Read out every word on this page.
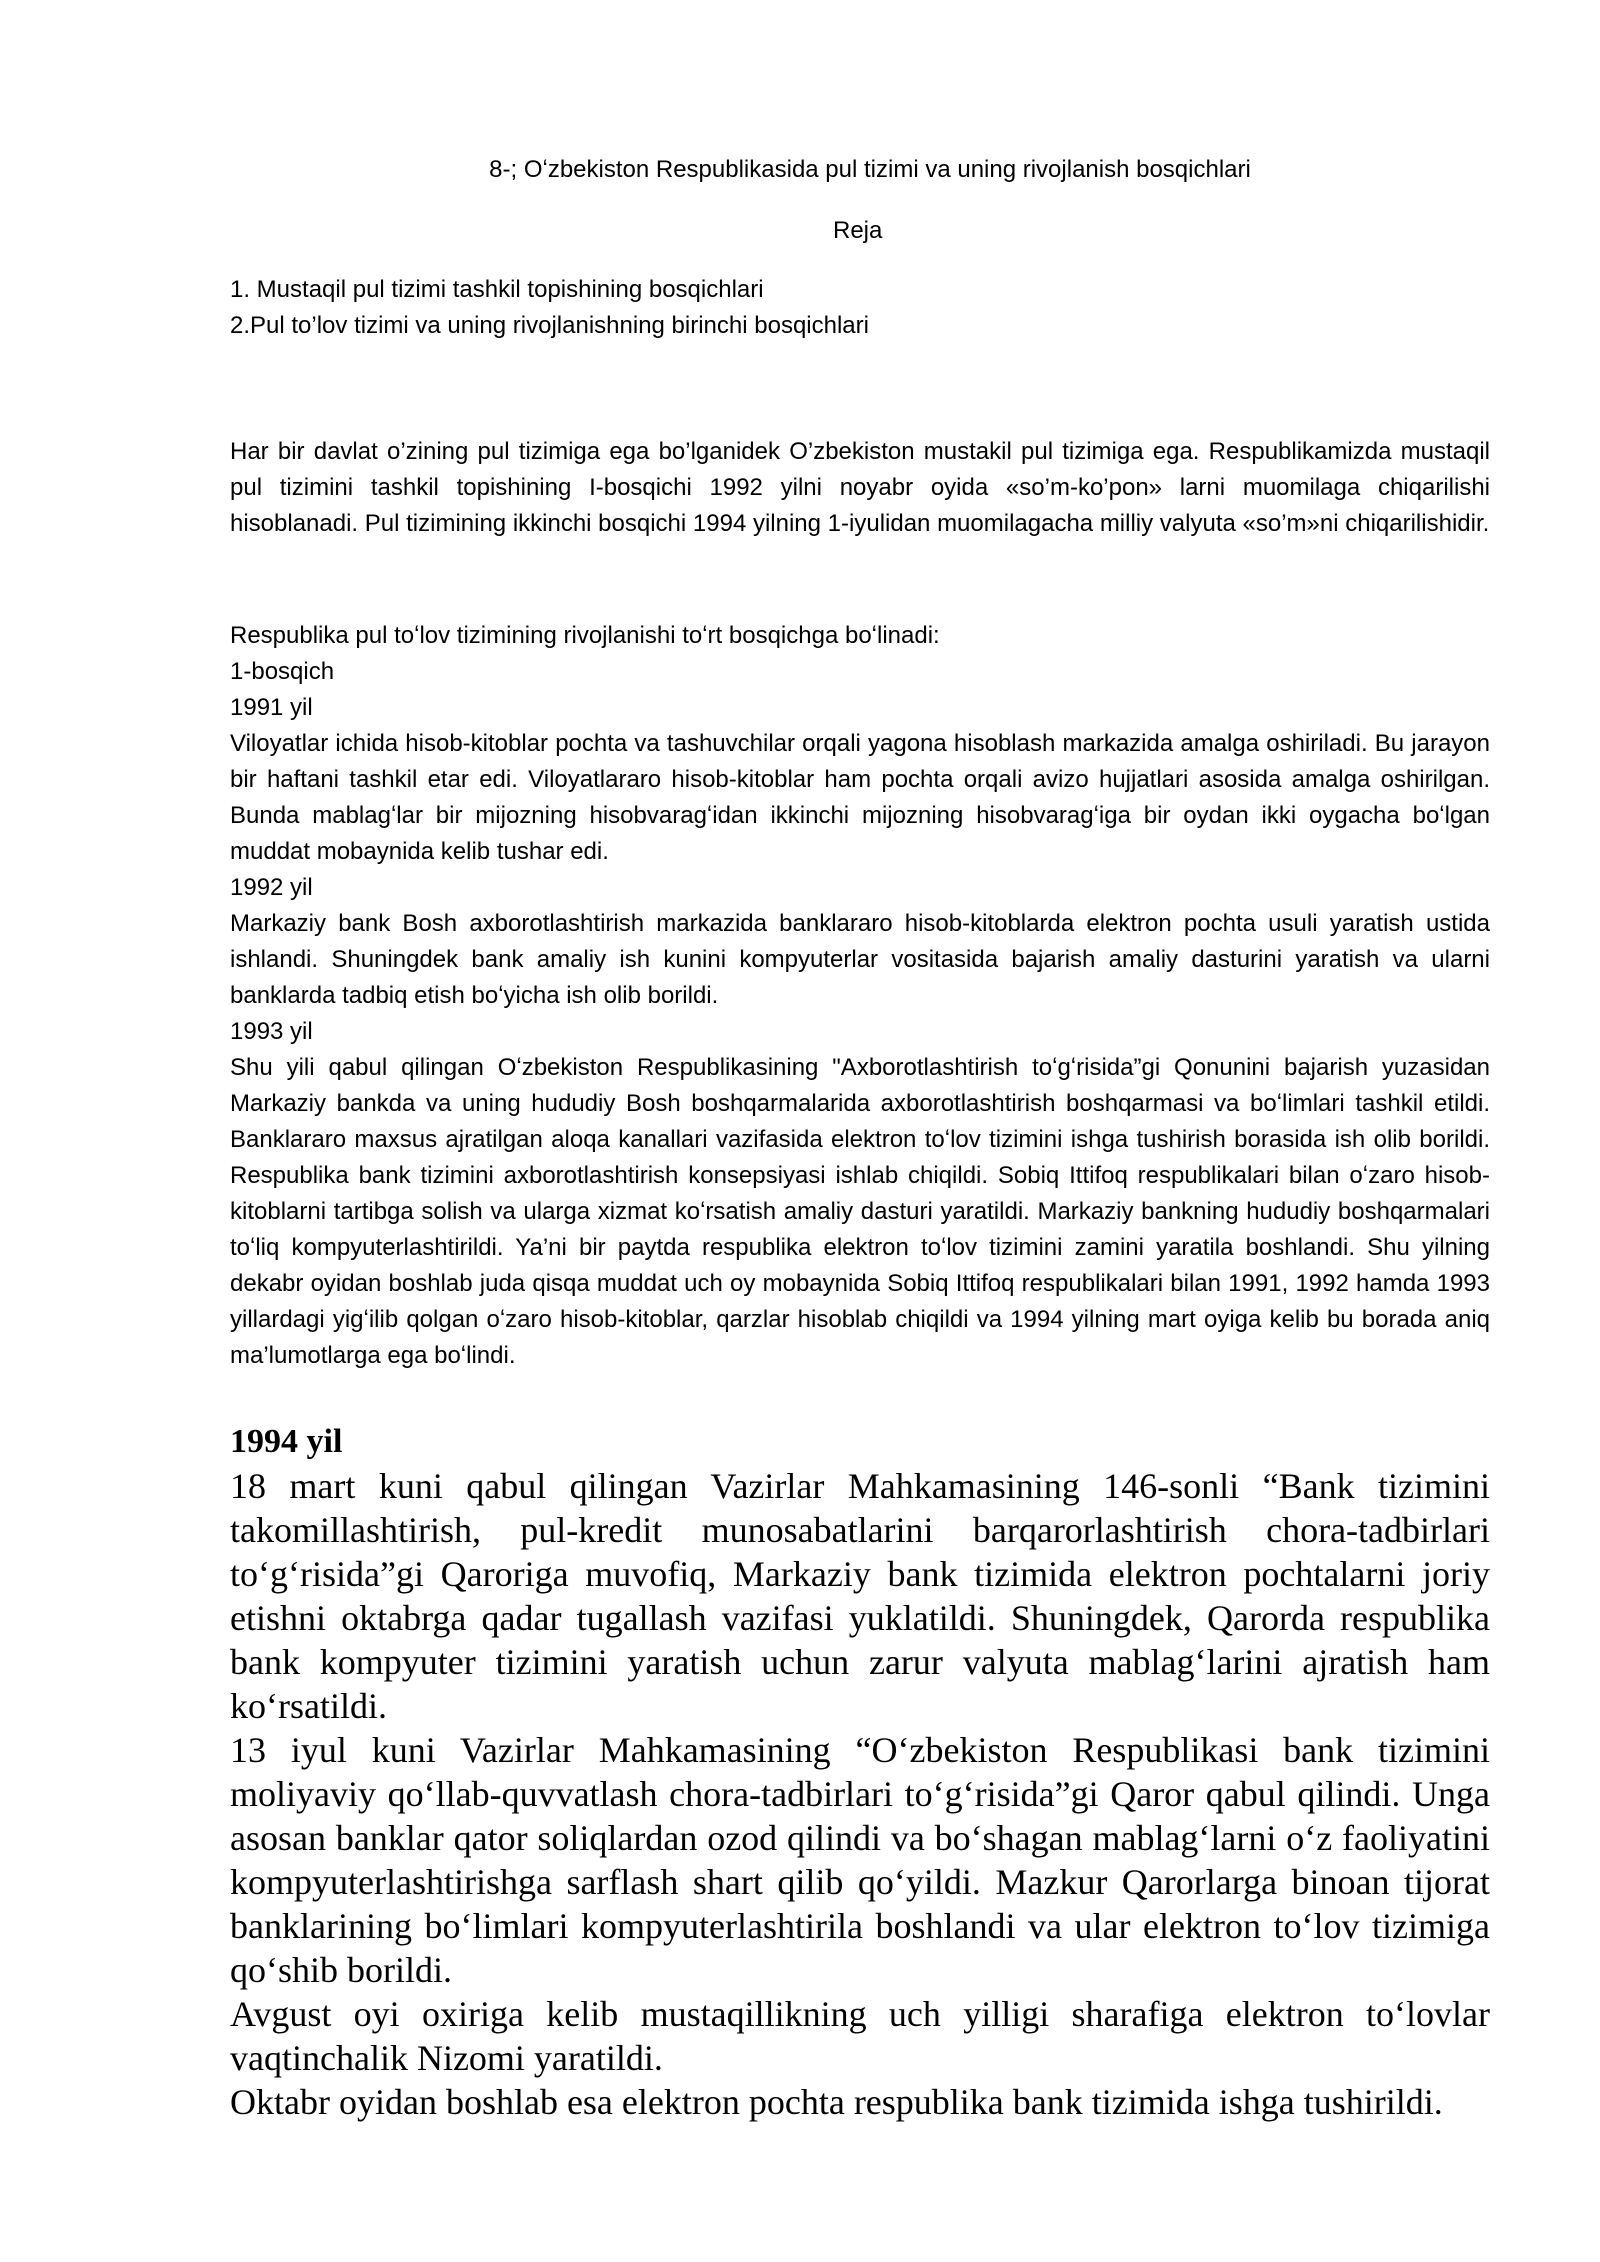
8-; Oʻzbekiston Respublikasida pul tizimi va uning rivojlanish bosqichlari
Reja
1. Mustaqil pul tizimi tashkil topishining bosqichlari
2.Pul to’lov tizimi va uning rivojlanishning birinchi bosqichlari

Har bir davlat o’zining pul tizimiga ega bo’lganidek O’zbekiston mustakil pul tizimiga ega. Respublikamizda mustaqil pul tizimini tashkil topishining I-bosqichi 1992 yilni noyabr oyida «so’m-ko’pon» larni muomilaga chiqarilishi hisoblanadi. Pul tizimining ikkinchi bosqichi 1994 yilning 1-iyulidan muomilagacha milliy valyuta «so’m»ni chiqarilishidir.

Respublika pul toʻlov tizimining rivojlanishi toʻrt bosqichga boʻlinadi:
1-bosqich
1991 yil

Viloyatlar ichida hisob-kitoblar pochta va tashuvchilar orqali yagona hisoblash markazida amalga oshiriladi. Bu jarayon bir haftani tashkil etar edi. Viloyatlararo hisob-kitoblar ham pochta orqali avizo hujjatlari asosida amalga oshirilgan. Bunda mablagʻlar bir mijozning hisobvaragʻidan ikkinchi mijozning hisobvaragʻiga bir oydan ikki oygacha boʻlgan muddat mobaynida kelib tushar edi.

1992 yil

Markaziy bank Bosh axborotlashtirish markazida banklararo hisob-kitoblarda elektron pochta usuli yaratish ustida ishlandi. Shuningdek bank amaliy ish kunini kompyuterlar vositasida bajarish amaliy dasturini yaratish va ularni banklarda tadbiq etish boʻyicha ish olib borildi.

1993 yil

Shu yili qabul qilingan Oʻzbekiston Respublikasining "Axborotlashtirish toʻgʻrisida”gi Qonunini bajarish yuzasidan Markaziy bankda va uning hududiy Bosh boshqarmalarida axborotlashtirish boshqarmasi va boʻlimlari tashkil etildi. Banklararo maxsus ajratilgan aloqa kanallari vazifasida elektron toʻlov tizimini ishga tushirish borasida ish olib borildi. Respublika bank tizimini axborotlashtirish konsepsiyasi ishlab chiqildi. Sobiq Ittifoq respublikalari bilan oʻzaro hisob-kitoblarni tartibga solish va ularga xizmat koʻrsatish amaliy dasturi yaratildi. Markaziy bankning hududiy boshqarmalari toʻliq kompyuterlashtirildi. Ya’ni bir paytda respublika elektron toʻlov tizimini zamini yaratila boshlandi. Shu yilning dekabr oyidan boshlab juda qisqa muddat uch oy mobaynida Sobiq Ittifoq respublikalari bilan 1991, 1992 hamda 1993 yillardagi yigʻilib qolgan oʻzaro hisob-kitoblar, qarzlar hisoblab chiqildi va 1994 yilning mart oyiga kelib bu borada aniq ma’lumotlarga ega boʻlindi.

1994 yil

18 mart kuni qabul qilingan Vazirlar Mahkamasining 146-sonli “Bank tizimini takomillashtirish, pul-kredit munosabatlarini barqarorlashtirish chora-tadbirlari toʻgʻrisida”gi Qaroriga muvofiq, Markaziy bank tizimida elektron pochtalarni joriy etishni oktabrga qadar tugallash vazifasi yuklatildi. Shuningdek, Qarorda respublika bank kompyuter tizimini yaratish uchun zarur valyuta mablagʻlarini ajratish ham koʻrsatildi.

13 iyul kuni Vazirlar Mahkamasining “Oʻzbekiston Respublikasi bank tizimini moliyaviy qoʻllab-quvvatlash chora-tadbirlari toʻgʻrisida”gi Qaror qabul qilindi. Unga asosan banklar qator soliqlardan ozod qilindi va boʻshagan mablagʻlarni oʻz faoliyatini kompyuterlashtirishga sarflash shart qilib qoʻyildi. Mazkur Qarorlarga binoan tijorat banklarining boʻlimlari kompyuterlashtirila boshlandi va ular elektron toʻlov tizimiga qoʻshib borildi.

Avgust oyi oxiriga kelib mustaqillikning uch yilligi sharafiga elektron toʻlovlar vaqtinchalik Nizomi yaratildi.

Oktabr oyidan boshlab esa elektron pochta respublika bank tizimida ishga tushirildi.
